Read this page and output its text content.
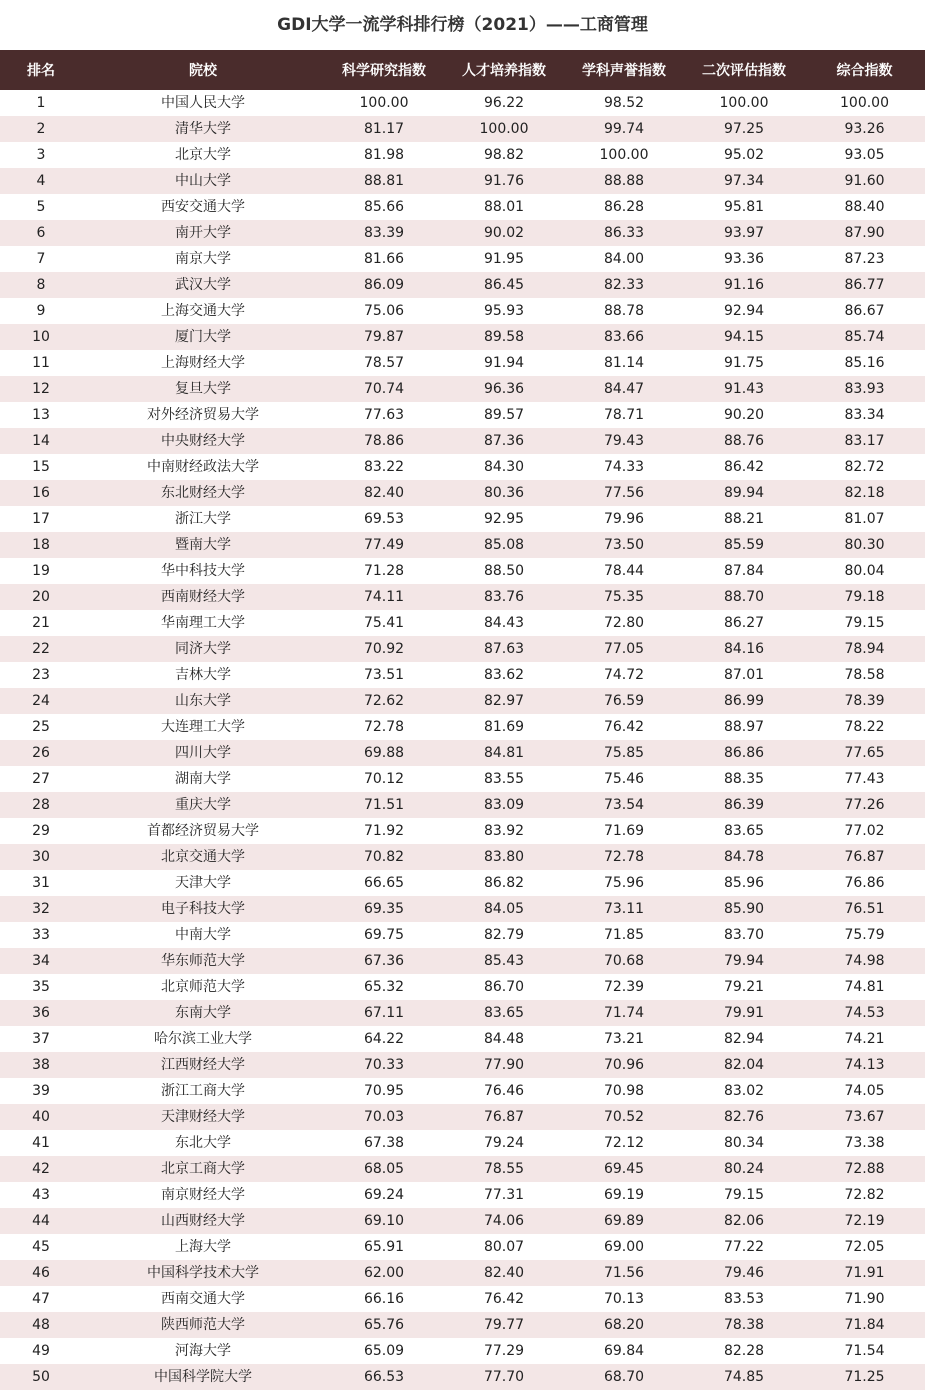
GDI大学一流学科排行榜（2021）——工商管理
排名	院校	科学研究指数	人才培养指数	学科声誉指数	二次评估指数	综合指数
1	中国人民大学	100.00	96.22	98.52	100.00	100.00
2	清华大学	81.17	100.00	99.74	97.25	93.26
3	北京大学	81.98	98.82	100.00	95.02	93.05
4	中山大学	88.81	91.76	88.88	97.34	91.60
5	西安交通大学	85.66	88.01	86.28	95.81	88.40
6	南开大学	83.39	90.02	86.33	93.97	87.90
7	南京大学	81.66	91.95	84.00	93.36	87.23
8	武汉大学	86.09	86.45	82.33	91.16	86.77
9	上海交通大学	75.06	95.93	88.78	92.94	86.67
10	厦门大学	79.87	89.58	83.66	94.15	85.74
11	上海财经大学	78.57	91.94	81.14	91.75	85.16
12	复旦大学	70.74	96.36	84.47	91.43	83.93
13	对外经济贸易大学	77.63	89.57	78.71	90.20	83.34
14	中央财经大学	78.86	87.36	79.43	88.76	83.17
15	中南财经政法大学	83.22	84.30	74.33	86.42	82.72
16	东北财经大学	82.40	80.36	77.56	89.94	82.18
17	浙江大学	69.53	92.95	79.96	88.21	81.07
18	暨南大学	77.49	85.08	73.50	85.59	80.30
19	华中科技大学	71.28	88.50	78.44	87.84	80.04
20	西南财经大学	74.11	83.76	75.35	88.70	79.18
21	华南理工大学	75.41	84.43	72.80	86.27	79.15
22	同济大学	70.92	87.63	77.05	84.16	78.94
23	吉林大学	73.51	83.62	74.72	87.01	78.58
24	山东大学	72.62	82.97	76.59	86.99	78.39
25	大连理工大学	72.78	81.69	76.42	88.97	78.22
26	四川大学	69.88	84.81	75.85	86.86	77.65
27	湖南大学	70.12	83.55	75.46	88.35	77.43
28	重庆大学	71.51	83.09	73.54	86.39	77.26
29	首都经济贸易大学	71.92	83.92	71.69	83.65	77.02
30	北京交通大学	70.82	83.80	72.78	84.78	76.87
31	天津大学	66.65	86.82	75.96	85.96	76.86
32	电子科技大学	69.35	84.05	73.11	85.90	76.51
33	中南大学	69.75	82.79	71.85	83.70	75.79
34	华东师范大学	67.36	85.43	70.68	79.94	74.98
35	北京师范大学	65.32	86.70	72.39	79.21	74.81
36	东南大学	67.11	83.65	71.74	79.91	74.53
37	哈尔滨工业大学	64.22	84.48	73.21	82.94	74.21
38	江西财经大学	70.33	77.90	70.96	82.04	74.13
39	浙江工商大学	70.95	76.46	70.98	83.02	74.05
40	天津财经大学	70.03	76.87	70.52	82.76	73.67
41	东北大学	67.38	79.24	72.12	80.34	73.38
42	北京工商大学	68.05	78.55	69.45	80.24	72.88
43	南京财经大学	69.24	77.31	69.19	79.15	72.82
44	山西财经大学	69.10	74.06	69.89	82.06	72.19
45	上海大学	65.91	80.07	69.00	77.22	72.05
46	中国科学技术大学	62.00	82.40	71.56	79.46	71.91
47	西南交通大学	66.16	76.42	70.13	83.53	71.90
48	陕西师范大学	65.76	79.77	68.20	78.38	71.84
49	河海大学	65.09	77.29	69.84	82.28	71.54
50	中国科学院大学	66.53	77.70	68.70	74.85	71.25
